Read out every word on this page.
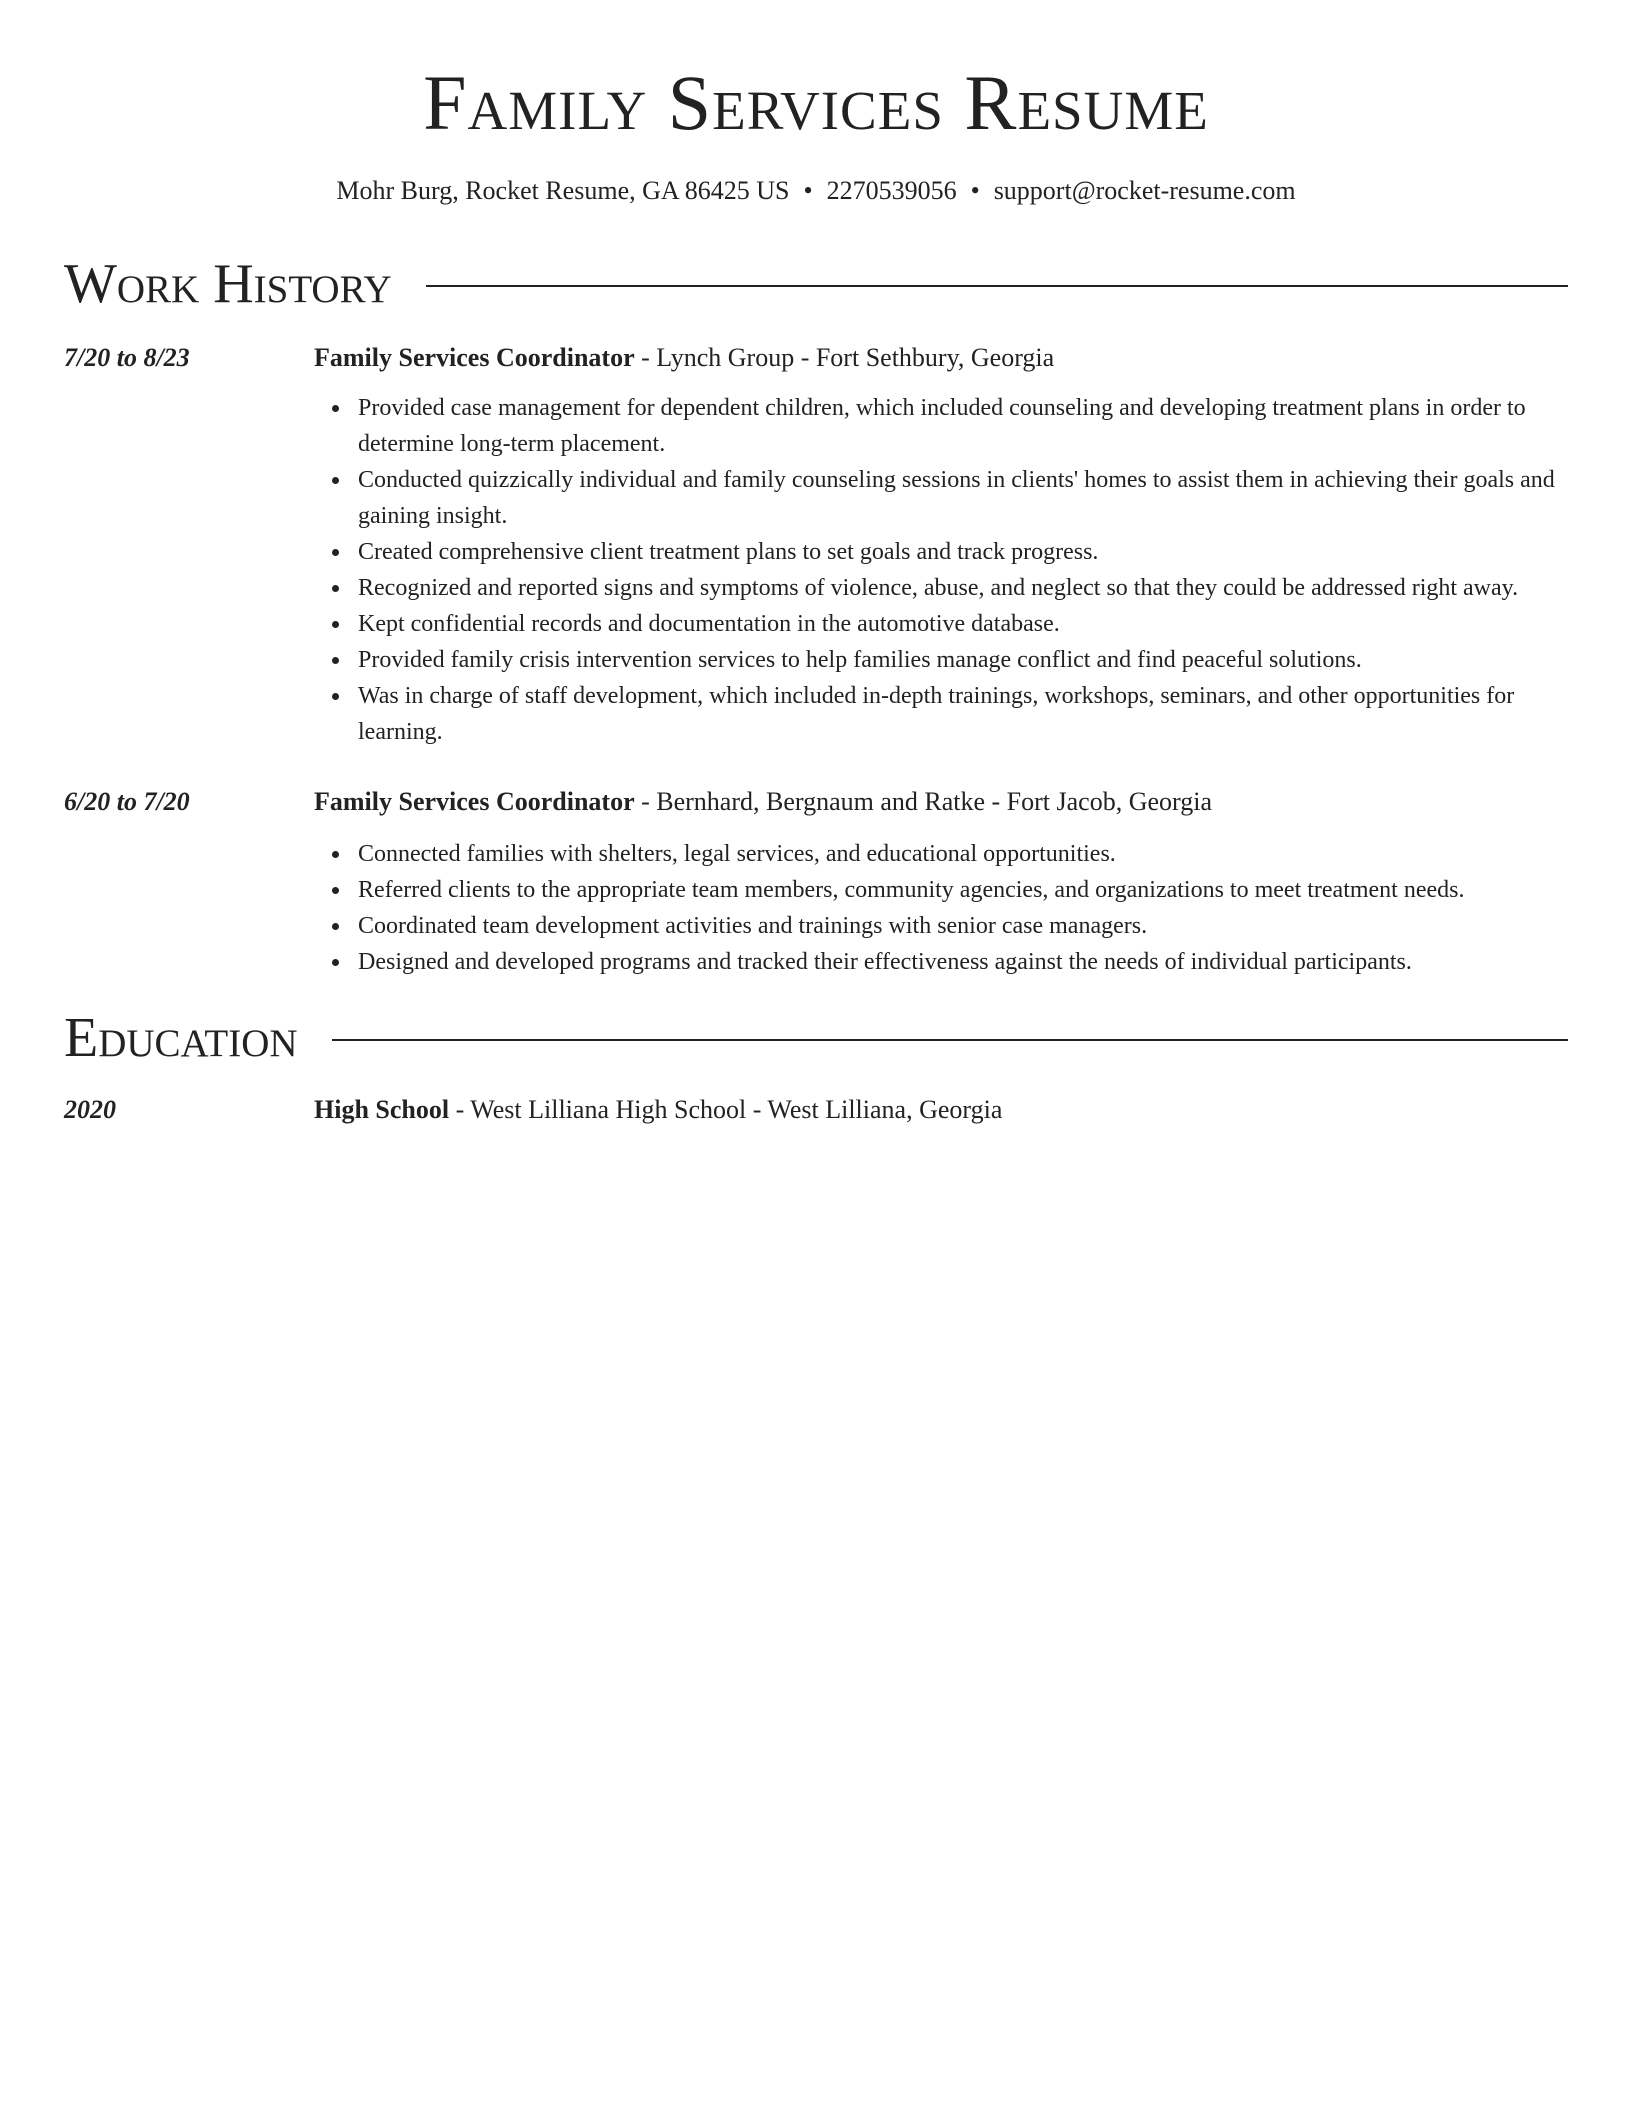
Family Services Resume
Mohr Burg, Rocket Resume, GA 86425 US • 2270539056 • support@rocket-resume.com
Work History
7/20 to 8/23	Family Services Coordinator - Lynch Group - Fort Sethbury, Georgia
Provided case management for dependent children, which included counseling and developing treatment plans in order to determine long-term placement.
Conducted quizzically individual and family counseling sessions in clients' homes to assist them in achieving their goals and gaining insight.
Created comprehensive client treatment plans to set goals and track progress.
Recognized and reported signs and symptoms of violence, abuse, and neglect so that they could be addressed right away.
Kept confidential records and documentation in the automotive database.
Provided family crisis intervention services to help families manage conflict and find peaceful solutions.
Was in charge of staff development, which included in-depth trainings, workshops, seminars, and other opportunities for learning.
6/20 to 7/20	Family Services Coordinator - Bernhard, Bergnaum and Ratke - Fort Jacob, Georgia
Connected families with shelters, legal services, and educational opportunities.
Referred clients to the appropriate team members, community agencies, and organizations to meet treatment needs.
Coordinated team development activities and trainings with senior case managers.
Designed and developed programs and tracked their effectiveness against the needs of individual participants.
Education
2020	High School - West Lilliana High School - West Lilliana, Georgia
